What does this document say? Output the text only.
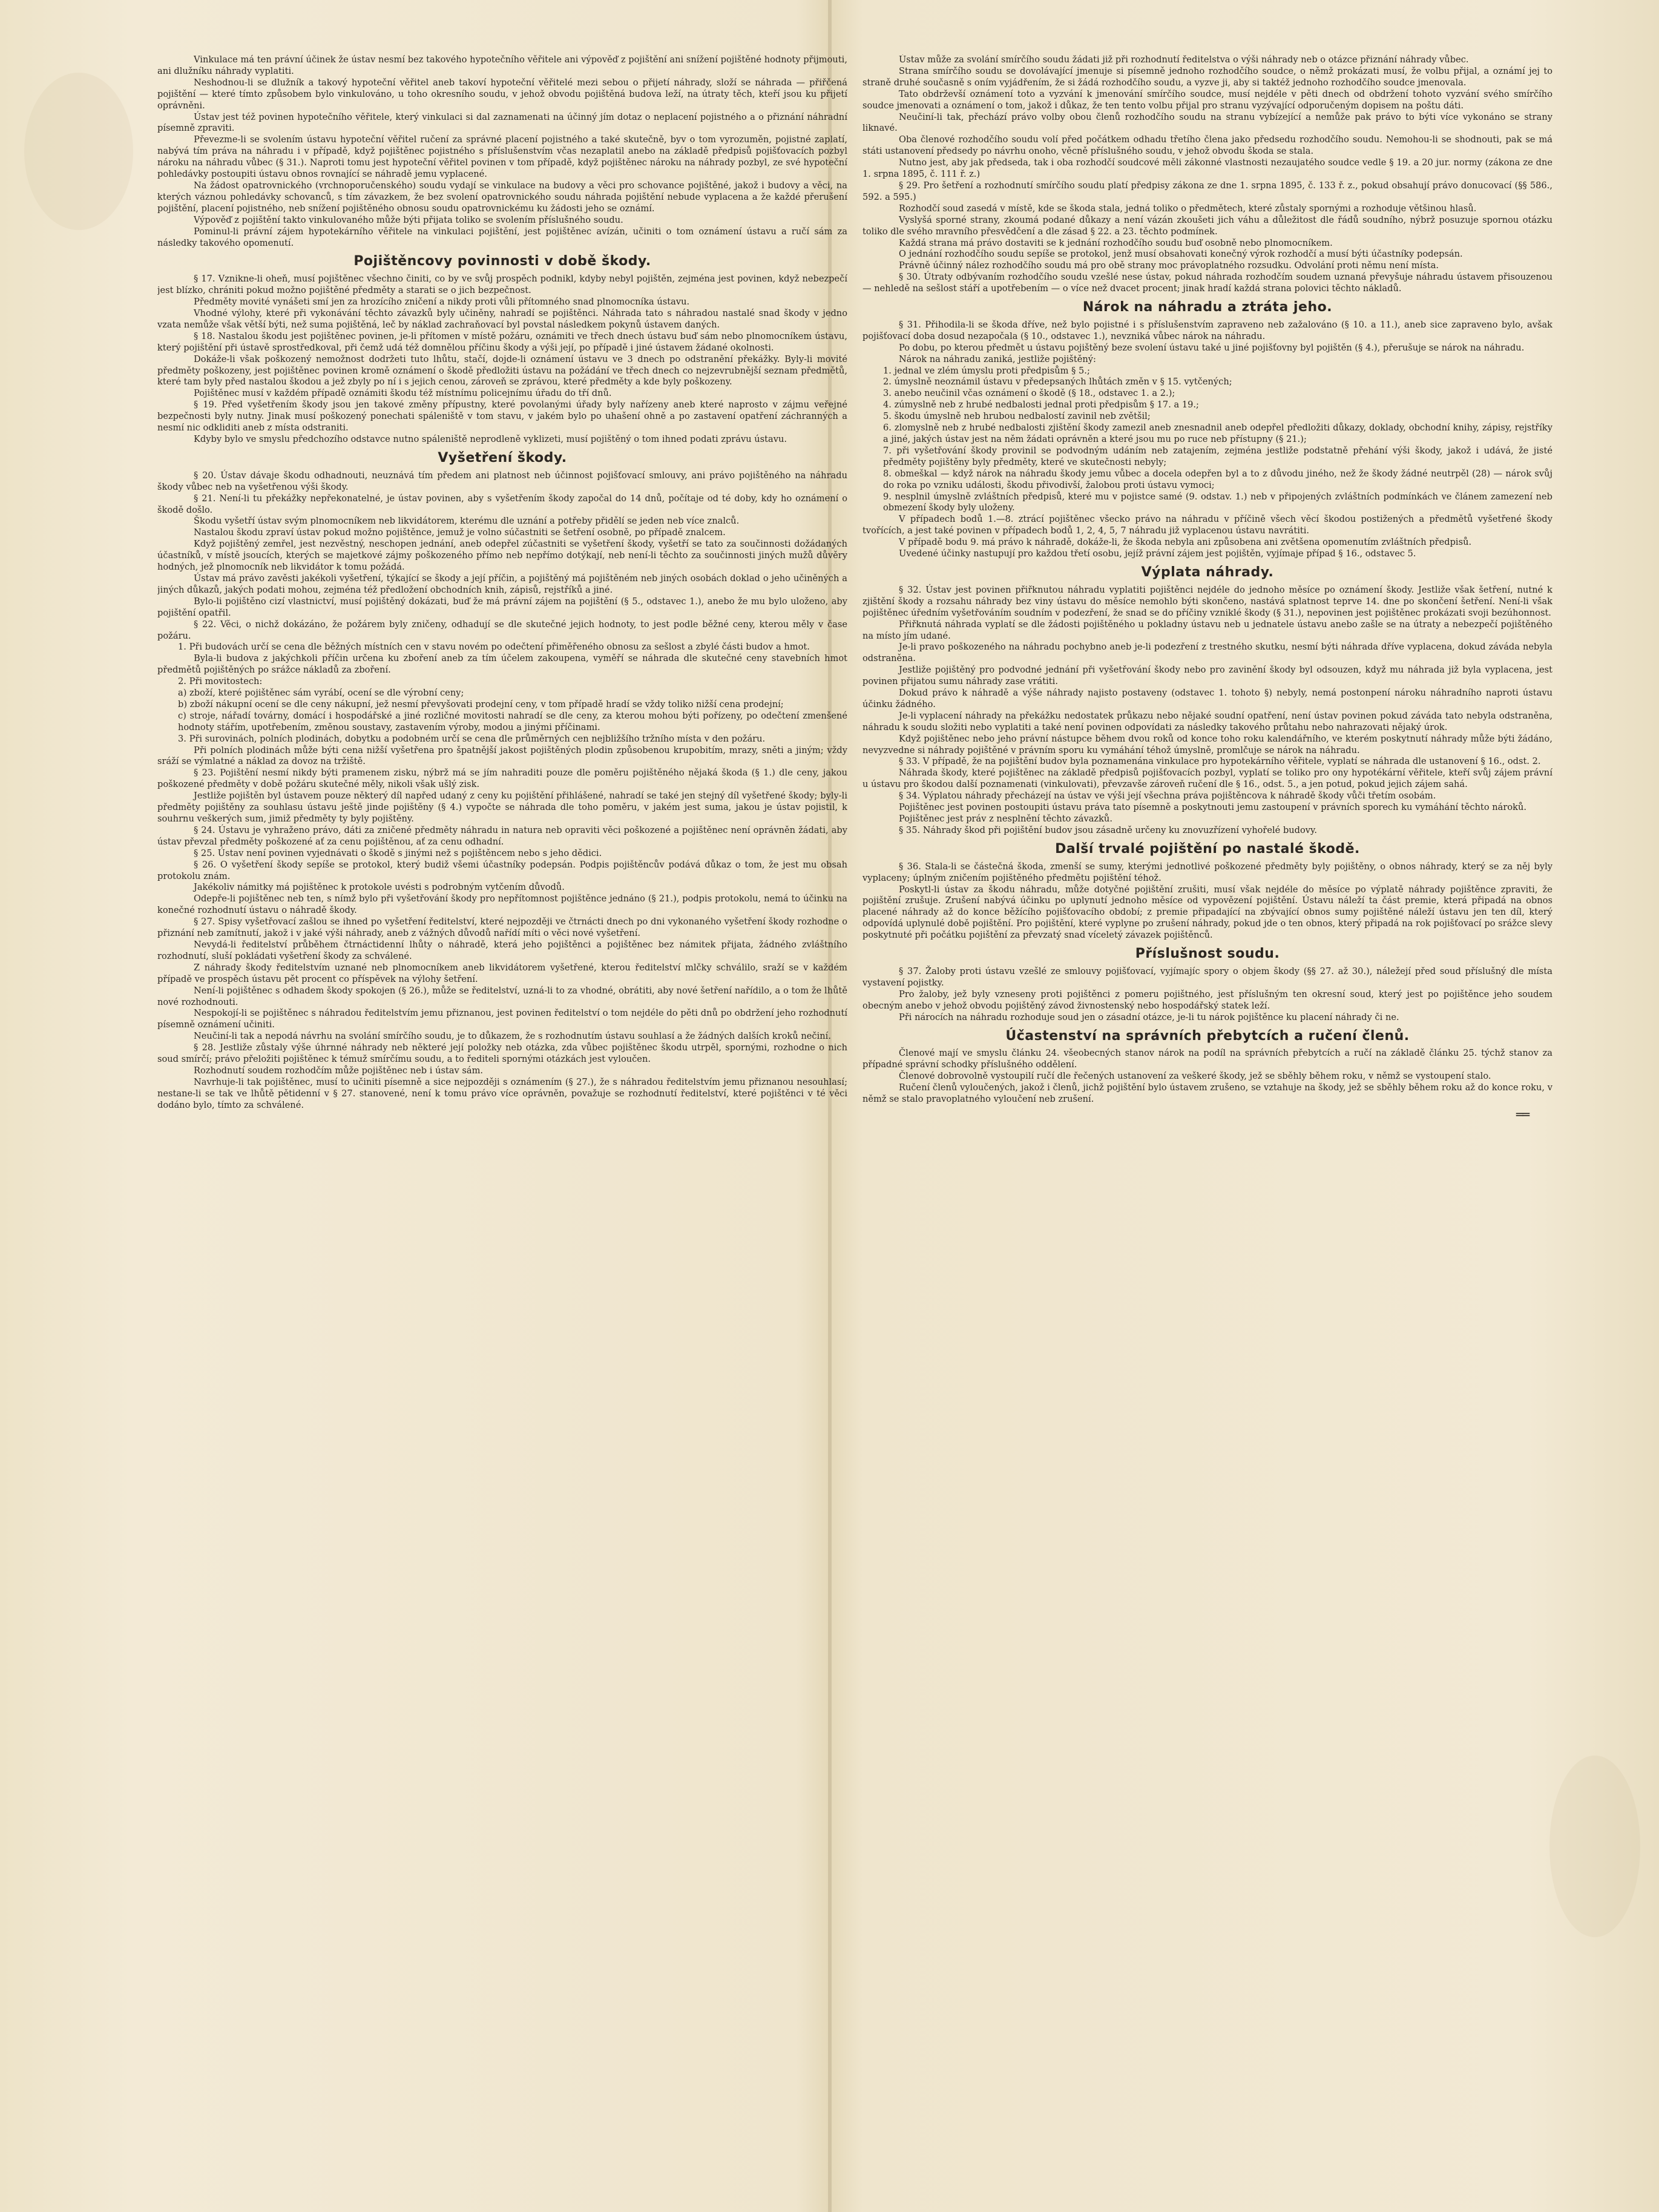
Vinkulace má ten právní účinek že ústav nesmí bez takového hypotečního věřitele ani výpověď z pojištění ani snížení pojištěné hodnoty přijmouti, ani dlužníku náhrady vyplatiti.

Neshodnou-li se dlužník a takový hypoteční věřitel aneb takoví hypoteční věřitelé mezi sebou o přijetí náhrady, složí se náhrada — přiřčená pojištění — které tímto způsobem bylo vinkulováno, u toho okresního soudu, v jehož obvodu pojištěná budova leží, na útraty těch, kteří jsou ku přijetí oprávněni.

Ústav jest též povinen hypotečního věřitele, který vinkulaci si dal zaznamenati na účinný jím dotaz o neplacení pojistného a o přiznání náhradní písemně zpraviti.

Převezme-li se svolením ústavu hypoteční věřitel ručení za správné placení pojistného a také skutečně, byv o tom vyrozuměn, pojistné zaplatí, nabývá tím práva na náhradu i v případě, když pojištěnec pojistného s příslušenstvím včas nezaplatil anebo na základě předpisů pojišťovacích pozbyl nároku na náhradu vůbec (§ 31.). Naproti tomu jest hypoteční věřitel povinen v tom případě, když pojištěnec nároku na náhrady pozbyl, ze své hypoteční pohledávky postoupiti ústavu obnos rovnající se náhradě jemu vyplacené.

Na žádost opatrovnického (vrchnoporučenského) soudu vydají se vinkulace na budovy a věci pro schovance pojištěné, jakož i budovy a věci, na kterých váznou pohledávky schovanců, s tím závazkem, že bez svolení opatrovnického soudu náhrada pojištění nebude vyplacena a že každé přerušení pojištění, placení pojistného, neb snížení pojištěného obnosu soudu opatrovnickému ku žádosti jeho se oznámí.

Výpověď z pojištění takto vinkulovaného může býti přijata toliko se svolením příslušného soudu.

Pominul-li právní zájem hypotekárního věřitele na vinkulaci pojištění, jest pojištěnec avízán, učiniti o tom oznámení ústavu a ručí sám za následky takového opomenutí.

Pojištěncovy povinnosti v době škody.

§ 17. Vznikne-li oheň, musí pojištěnec všechno činiti, co by ve svůj prospěch podnikl, kdyby nebyl pojištěn, zejména jest povinen, když nebezpečí jest blízko, chrániti pokud možno pojištěné předměty a starati se o jich bezpečnost.

Předměty movité vynášeti smí jen za hrozícího zničení a nikdy proti vůli přítomného snad plnomocníka ústavu.

Vhodné výlohy, které při vykonávání těchto závazků byly učiněny, nahradí se pojištěnci. Náhrada tato s náhradou nastalé snad škody v jedno vzata nemůže však větší býti, než suma pojištěná, leč by náklad zachraňovací byl povstal následkem pokynů ústavem daných.

§ 18. Nastalou škodu jest pojištěnec povinen, je-li přítomen v místě požáru, oznámiti ve třech dnech ústavu buď sám nebo plnomocníkem ústavu, který pojištění při ústavě sprostředkoval, při čemž udá též domnělou příčinu škody a výši její, po případě i jiné ústavem žádané okolnosti.

Dokáže-li však poškozený nemožnost dodržeti tuto lhůtu, stačí, dojde-li oznámení ústavu ve 3 dnech po odstranění překážky. Byly-li movité předměty poškozeny, jest pojištěnec povinen kromě oznámení o škodě předložiti ústavu na požádání ve třech dnech co nejzevrubnější seznam předmětů, které tam byly před nastalou škodou a jež zbyly po ní i s jejich cenou, zároveň se zprávou, které předměty a kde byly poškozeny.

Pojištěnec musí v každém případě oznámiti škodu též místnímu policejnímu úřadu do tří dnů.

§ 19. Před vyšetřením škody jsou jen takové změny přípustny, které povolanými úřady byly nařízeny aneb které naprosto v zájmu veřejné bezpečnosti byly nutny. Jinak musí poškozený ponechati spáleniště v tom stavu, v jakém bylo po uhašení ohně a po zastavení opatření záchranných a nesmí nic odkliditi aneb z místa odstraniti.

Kdyby bylo ve smyslu předchozího odstavce nutno spáleniště neprodleně vyklizeti, musí pojištěný o tom ihned podati zprávu ústavu.

Vyšetření škody.

§ 20. Ústav dávaje škodu odhadnouti, neuznává tím předem ani platnost neb účinnost pojišťovací smlouvy, ani právo pojištěného na náhradu škody vůbec neb na vyšetřenou výši škody.

§ 21. Není-li tu překážky nepřekonatelné, je ústav povinen, aby s vyšetřením škody započal do 14 dnů, počítaje od té doby, kdy ho oznámení o škodě došlo.

Škodu vyšetří ústav svým plnomocníkem neb likvidátorem, kterému dle uznání a potřeby přidělí se jeden neb více znalců.

Nastalou škodu zpraví ústav pokud možno pojištěnce, jemuž je volno súčastniti se šetření osobně, po případě znalcem.

Když pojištěný zemřel, jest nezvěstný, neschopen jednání, aneb odepřel zúčastniti se vyšetření škody, vyšetří se tato za součinnosti dožádaných účastníků, v místě jsoucích, kterých se majetkové zájmy poškozeného přímo neb nepřímo dotýkají, neb není-li těchto za součinnosti jiných mužů důvěry hodných, jež plnomocník neb likvidátor k tomu požádá.

Ústav má právo zavěsti jakékoli vyšetření, týkající se škody a její příčin, a pojištěný má pojištěném neb jiných osobách doklad o jeho učiněných a jiných důkazů, jakých podati mohou, zejména též předložení obchodních knih, zápisů, rejstříků a jiné.

Bylo-li pojištěno cizí vlastnictví, musí pojištěný dokázati, buď že má právní zájem na pojištění (§ 5., odstavec 1.), anebo že mu bylo uloženo, aby pojištění opatřil.

§ 22. Věci, o nichž dokázáno, že požárem byly zničeny, odhadují se dle skutečné jejich hodnoty, to jest podle běžné ceny, kterou měly v čase požáru.

1. Při budovách určí se cena dle běžných místních cen v stavu novém po odečtení přiměřeného obnosu za sešlost a zbylé části budov a hmot.

Byla-li budova z jakýchkoli příčin určena ku zboření aneb za tím účelem zakoupena, vyměří se náhrada dle skutečné ceny stavebních hmot předmětů pojištěných po srážce nákladů za zboření.

2. Při movitostech:

a) zboží, které pojištěnec sám vyrábí, ocení se dle výrobní ceny;

b) zboží nákupní ocení se dle ceny nákupní, jež nesmí převyšovati prodejní ceny, v tom případě hradí se vždy toliko nižší cena prodejní;

c) stroje, nářadí továrny, domácí i hospodářské a jiné rozličné movitosti nahradí se dle ceny, za kterou mohou býti pořízeny, po odečtení zmenšené hodnoty stářím, upotřebením, změnou soustavy, zastavením výroby, modou a jinými příčinami.

3. Při surovinách, polních plodinách, dobytku a podobném určí se cena dle průměrných cen nejbližšího tržního místa v den požáru.

Při polních plodinách může býti cena nižší vyšetřena pro špatnější jakost pojištěných plodin způsobenou krupobitím, mrazy, sněti a jiným; vždy sráží se výmlatné a náklad za dovoz na tržiště.

§ 23. Pojištění nesmí nikdy býti pramenem zisku, nýbrž má se jím nahraditi pouze dle poměru pojištěného nějaká škoda (§ 1.) dle ceny, jakou poškozené předměty v době požáru skutečné měly, nikoli však ušlý zisk.

Jestliže pojištěn byl ústavem pouze některý díl napřed udaný z ceny ku pojištění přihlášené, nahradí se také jen stejný díl vyšetřené škody; byly-li předměty pojištěny za souhlasu ústavu ještě jinde pojištěny (§ 4.) vypočte se náhrada dle toho poměru, v jakém jest suma, jakou je ústav pojistil, k souhrnu veškerých sum, jimiž předměty ty byly pojištěny.

§ 24. Ústavu je vyhraženo právo, dáti za zničené předměty náhradu in natura neb opraviti věci poškozené a pojištěnec není oprávněn žádati, aby ústav převzal předměty poškozené ať za cenu pojištěnou, ať za cenu odhadní.

§ 25. Ústav není povinen vyjednávati o škodě s jinými než s pojištěncem nebo s jeho dědici.

§ 26. O vyšetření škody sepíše se protokol, který budiž všemi účastníky podepsán. Podpis pojištěncův podává důkaz o tom, že jest mu obsah protokolu znám.

Jakékoliv námitky má pojištěnec k protokole uvésti s podrobným vytčením důvodů.

Odepře-li pojištěnec neb ten, s nímž bylo při vyšetřování škody pro nepřítomnost pojištěnce jednáno (§ 21.), podpis protokolu, nemá to účinku na konečné rozhodnutí ústavu o náhradě škody.

§ 27. Spisy vyšetřovací zašlou se ihned po vyšetření ředitelství, které nejpozději ve čtrnácti dnech po dni vykonaného vyšetření škody rozhodne o přiznání neb zamítnutí, jakož i v jaké výši náhrady, aneb z vážných důvodů nařídí míti o věci nové vyšetření.

Nevydá-li ředitelství průběhem čtrnáctidenní lhůty o náhradě, která jeho pojištěnci a pojištěnec bez námitek přijata, žádného zvláštního rozhodnutí, sluší pokládati vyšetření škody za schválené.

Z náhrady škody ředitelstvím uznané neb plnomocníkem aneb likvidátorem vyšetřené, kterou ředitelství mlčky schválilo, sraží se v každém případě ve prospěch ústavu pět procent co příspěvek na výlohy šetření.

Není-li pojištěnec s odhadem škody spokojen (§ 26.), může se ředitelství, uzná-li to za vhodné, obrátiti, aby nové šetření nařídilo, a o tom že lhůtě nové rozhodnouti.

Nespokojí-li se pojištěnec s náhradou ředitelstvím jemu přiznanou, jest povinen ředitelství o tom nejdéle do pěti dnů po obdržení jeho rozhodnutí písemně oznámení učiniti.

Neučiní-li tak a nepodá návrhu na svolání smírčího soudu, je to důkazem, že s rozhodnutím ústavu souhlasí a že žádných dalších kroků nečiní.

§ 28. Jestliže zůstaly výše úhrnné náhrady neb některé její položky neb otázka, zda vůbec pojištěnec škodu utrpěl, spornými, rozhodne o nich soud smírčí; právo přeložiti pojištěnec k témuž smírčímu soudu, a to řediteli spornými otázkách jest vyloučen.

Rozhodnutí soudem rozhodčím může pojištěnec neb i ústav sám.

Navrhuje-li tak pojištěnec, musí to učiniti písemně a sice nejpozději s oznámením (§ 27.), že s náhradou ředitelstvím jemu přiznanou nesouhlasí; nestane-li se tak ve lhůtě pětidenní v § 27. stanovené, není k tomu právo více oprávněn, považuje se rozhodnutí ředitelství, které pojištěnci v té věci dodáno bylo, tímto za schválené.

Ústav může za svolání smírčího soudu žádati již při rozhodnutí ředitelstva o výši náhrady neb o otázce přiznání náhrady vůbec.

Strana smírčího soudu se dovolávající jmenuje si písemně jednoho rozhodčího soudce, o němž prokázati musí, že volbu přijal, a oznámí jej to straně druhé současně s oním vyjádřením, že si žádá rozhodčího soudu, a vyzve ji, aby si taktéž jednoho rozhodčího soudce jmenovala.

Tato obdrževší oznámení toto a vyzvání k jmenování smírčího soudce, musí nejdéle v pěti dnech od obdržení tohoto vyzvání svého smírčího soudce jmenovati a oznámení o tom, jakož i důkaz, že ten tento volbu přijal pro stranu vyzývající odporučeným dopisem na poštu dáti.

Neučiní-li tak, přechází právo volby obou členů rozhodčího soudu na stranu vybízející a nemůže pak právo to býti více vykonáno se strany liknavé.

Oba členové rozhodčího soudu volí před počátkem odhadu třetího člena jako předsedu rozhodčího soudu. Nemohou-li se shodnouti, pak se má státi ustanovení předsedy po návrhu onoho, věcně příslušného soudu, v jehož obvodu škoda se stala.

Nutno jest, aby jak předseda, tak i oba rozhodčí soudcové měli zákonné vlastnosti nezaujatého soudce vedle § 19. a 20 jur. normy (zákona ze dne 1. srpna 1895, č. 111 ř. z.)

§ 29. Pro šetření a rozhodnutí smírčího soudu platí předpisy zákona ze dne 1. srpna 1895, č. 133 ř. z., pokud obsahují právo donucovací (§§ 586., 592. a 595.)

Rozhodčí soud zasedá v místě, kde se škoda stala, jedná toliko o předmětech, které zůstaly spornými a rozhoduje většinou hlasů.

Vyslyšá sporné strany, zkoumá podané důkazy a není vázán zkoušeti jich váhu a důležitost dle řádů soudního, nýbrž posuzuje spornou otázku toliko dle svého mravního přesvědčení a dle zásad § 22. a 23. těchto podmínek.

Každá strana má právo dostaviti se k jednání rozhodčího soudu buď osobně nebo plnomocníkem.

O jednání rozhodčího soudu sepíše se protokol, jenž musí obsahovati konečný výrok rozhodčí a musí býti účastníky podepsán.

Právně účinný nález rozhodčího soudu má pro obě strany moc právoplatného rozsudku. Odvolání proti němu není místa.

§ 30. Útraty odbývaním rozhodčího soudu vzešlé nese ústav, pokud náhrada rozhodčím soudem uznaná převyšuje náhradu ústavem přisouzenou — nehledě na sešlost stáří a upotřebením — o více než dvacet procent; jinak hradí každá strana polovici těchto nákladů.

Nárok na náhradu a ztráta jeho.

§ 31. Přihodila-li se škoda dříve, než bylo pojistné i s příslušenstvím zapraveno neb zažalováno (§ 10. a 11.), aneb sice zapraveno bylo, avšak pojišťovací doba dosud nezapočala (§ 10., odstavec 1.), nevzniká vůbec nárok na náhradu.

Po dobu, po kterou předmět u ústavu pojištěný beze svolení ústavu také u jiné pojišťovny byl pojištěn (§ 4.), přerušuje se nárok na náhradu.

Nárok na náhradu zaniká, jestliže pojištěný:

1. jednal ve zlém úmyslu proti předpisům § 5.;

2. úmyslně neoznámil ústavu v předepsaných lhůtách změn v § 15. vytčených;

3. anebo neučinil včas oznámení o škodě (§ 18., odstavec 1. a 2.);

4. zúmyslně neb z hrubé nedbalosti jednal proti předpisům § 17. a 19.;

5. škodu úmyslně neb hrubou nedbalostí zavinil neb zvětšil;

6. zlomyslně neb z hrubé nedbalosti zjištění škody zamezil aneb znesnadnil aneb odepřel předložiti důkazy, doklady, obchodní knihy, zápisy, rejstříky a jiné, jakých ústav jest na něm žádati oprávněn a které jsou mu po ruce neb přístupny (§ 21.);

7. při vyšetřování škody provinil se podvodným udáním neb zatajením, zejména jestliže podstatně přehání výši škody, jakož i udává, že jisté předměty pojištěny byly předměty, které ve skutečnosti nebyly;

8. obmeškal — když nárok na náhradu škody jemu vůbec a docela odepřen byl a to z důvodu jiného, než že škody žádné neutrpěl (28) — nárok svůj do roka po vzniku události, škodu přivodivší, žalobou proti ústavu vymoci;

9. nesplnil úmyslně zvláštních předpisů, které mu v pojistce samé (9. odstav. 1.) neb v připojených zvláštních podmínkách ve článem zamezení neb obmezení škody byly uloženy.

V případech bodů 1.—8. ztrácí pojištěnec všecko právo na náhradu v příčině všech věcí škodou postižených a předmětů vyšetřené škody tvořících, a jest také povinen v případech bodů 1, 2, 4, 5, 7 náhradu již vyplacenou ústavu navrátiti.

V případě bodu 9. má právo k náhradě, dokáže-li, že škoda nebyla ani způsobena ani zvětšena opomenutím zvláštních předpisů.

Uvedené účinky nastupují pro každou třetí osobu, jejíž právní zájem jest pojištěn, vyjímaje případ § 16., odstavec 5.

Výplata náhrady.

§ 32. Ústav jest povinen přiřknutou náhradu vyplatiti pojištěnci nejdéle do jednoho měsíce po oznámení škody. Jestliže však šetření, nutné k zjištění škody a rozsahu náhrady bez viny ústavu do měsíce nemohlo býti skončeno, nastává splatnost teprve 14. dne po skončení šetření. Není-li však pojištěnec úředním vyšetřováním soudním v podezření, že snad se do příčiny vzniklé škody (§ 31.), nepovinen jest pojištěnec prokázati svoji bezúhonnost.

Přiřknutá náhrada vyplatí se dle žádosti pojištěného u pokladny ústavu neb u jednatele ústavu anebo zašle se na útraty a nebezpečí pojištěného na místo jím udané.

Je-li pravo poškozeného na náhradu pochybno aneb je-li podezření z trestného skutku, nesmí býti náhrada dříve vyplacena, dokud záváda nebyla odstraněna.

Jestliže pojištěný pro podvodné jednání při vyšetřování škody nebo pro zavinění škody byl odsouzen, když mu náhrada již byla vyplacena, jest povinen přijatou sumu náhrady zase vrátiti.

Dokud právo k náhradě a výše náhrady najisto postaveny (odstavec 1. tohoto §) nebyly, nemá postonpení nároku náhradního naproti ústavu účinku žádného.

Je-li vyplacení náhrady na překážku nedostatek průkazu nebo nějaké soudní opatření, není ústav povinen pokud záváda tato nebyla odstraněna, náhradu k soudu složiti nebo vyplatiti a také není povinen odpovídati za následky takového průtahu nebo nahrazovati nějaký úrok.

Když pojištěnec nebo jeho právní nástupce během dvou roků od konce toho roku kalendářního, ve kterém poskytnutí náhrady může býti žádáno, nevyzvedne si náhrady pojištěné v právním sporu ku vymáhání téhož úmyslně, promlčuje se nárok na náhradu.

§ 33. V případě, že na pojištění budov byla poznamenána vinkulace pro hypotekárního věřitele, vyplatí se náhrada dle ustanovení § 16., odst. 2.

Náhrada škody, které pojištěnec na základě předpisů pojišťovacích pozbyl, vyplatí se toliko pro ony hypotékární věřitele, kteří svůj zájem právní u ústavu pro škodou další poznamenati (vinkulovati), převzavše zároveň ručení dle § 16., odst. 5., a jen potud, pokud jejich zájem sahá.

§ 34. Výplatou náhrady přecházejí na ústav ve výši její všechna práva pojištěncova k náhradě škody vůči třetím osobám.

Pojištěnec jest povinen postoupiti ústavu práva tato písemně a poskytnouti jemu zastoupení v právních sporech ku vymáhání těchto nároků.

Pojištěnec jest práv z nesplnění těchto závazků.

§ 35. Náhrady škod při pojištění budov jsou zásadně určeny ku znovuzřízení vyhořelé budovy.

Další trvalé pojištění po nastalé škodě.

§ 36. Stala-li se částečná škoda, zmenší se sumy, kterými jednotlivé poškozené předměty byly pojištěny, o obnos náhrady, který se za něj byly vyplaceny; úplným zničením pojištěného předmětu pojištění téhož.

Poskytl-li ústav za škodu náhradu, může dotyčné pojištění zrušiti, musí však nejdéle do měsíce po výplatě náhrady pojištěnce zpraviti, že pojištění zrušuje. Zrušení nabývá účinku po uplynutí jednoho měsíce od vypovězení pojištění. Ústavu náleží ta část premie, která připadá na obnos placené náhrady až do konce běžícího pojišťovacího období; z premie připadající na zbývající obnos sumy pojištěné náleží ústavu jen ten díl, který odpovídá uplynulé době pojištění. Pro pojištění, které vyplyne po zrušení náhrady, pokud jde o ten obnos, který připadá na rok pojišťovací po srážce slevy poskytnuté při počátku pojištění za převzatý snad víceletý závazek pojištěnců.

Příslušnost soudu.

§ 37. Žaloby proti ústavu vzešlé ze smlouvy pojišťovací, vyjímajíc spory o objem škody (§§ 27. až 30.), náležejí před soud příslušný dle místa vystavení pojistky.

Pro žaloby, jež byly vzneseny proti pojištěnci z pomeru pojištného, jest příslušným ten okresní soud, který jest po pojištěnce jeho soudem obecným anebo v jehož obvodu pojištěný závod živnostenský nebo hospodářský statek leží.

Při nárocích na náhradu rozhoduje soud jen o zásadní otázce, je-li tu nárok pojištěnce ku placení náhrady či ne.

Účastenství na správních přebytcích a ručení členů.

Členové mají ve smyslu článku 24. všeobecných stanov nárok na podíl na správních přebytcích a ručí na základě článku 25. týchž stanov za případné správní schodky příslušného oddělení.

Členové dobrovolně vystoupilí ručí dle řečených ustanovení za veškeré škody, jež se sběhly během roku, v němž se vystoupení stalo.

Ručení členů vyloučených, jakož i členů, jichž pojištění bylo ústavem zrušeno, se vztahuje na škody, jež se sběhly během roku až do konce roku, v němž se stalo pravoplatného vyloučení neb zrušení.

══
